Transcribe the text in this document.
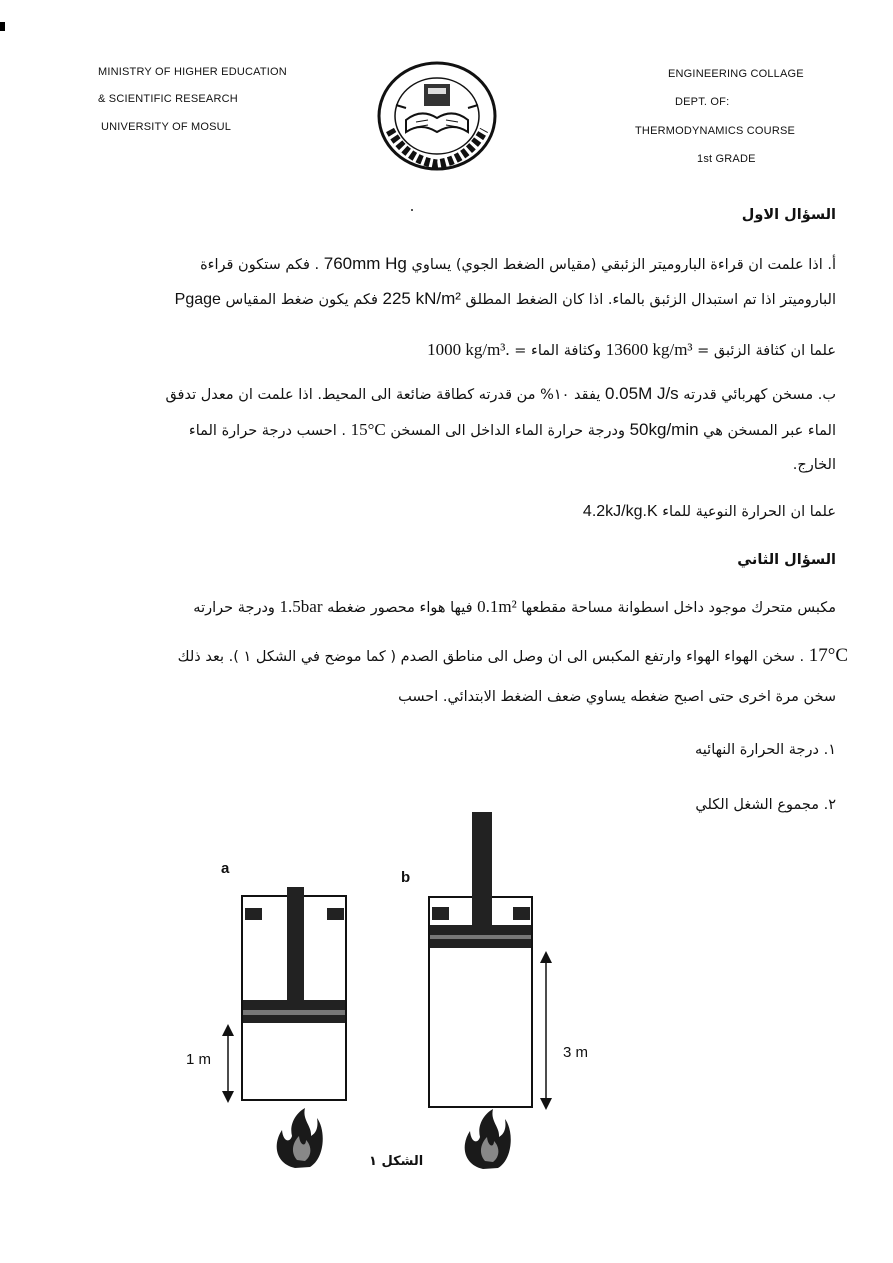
MINISTRY OF HIGHER EDUCATION
& SCIENTIFIC RESEARCH
UNIVERSITY OF MOSUL
ENGINEERING COLLAGE
DEPT. OF:
THERMODYNAMICS COURSE
1st GRADE
السؤال الاول
أ. اذا علمت ان قراءة الباروميتر الزئبقي (مقياس الضغط الجوي) يساوي 760mm Hg . فكم ستكون قراءة
الباروميتر اذا تم استبدال الزئبق بالماء. اذا كان الضغط المطلق 225 kN/m² فكم يكون ضغط المقياس Pgage
علما ان كثافة الزئبق = 13600 kg/m³ وكثافة الماء = 1000 kg/m³.
ب. مسخن كهربائي قدرته 0.05M J/s يفقد ١٠% من قدرته كطاقة ضائعة الى المحيط. اذا علمت ان معدل تدفق
الماء عبر المسخن هي 50kg/min ودرجة حرارة الماء الداخل الى المسخن 15°C . احسب درجة حرارة الماء
الخارج.
علما ان الحرارة النوعية للماء 4.2kJ/kg.K
السؤال الثاني
مكبس متحرك موجود داخل اسطوانة مساحة مقطعها 0.1m² فيها هواء محصور ضغطه 1.5bar ودرجة حرارته
17°C . سخن الهواء الهواء وارتفع المكبس الى ان وصل الى مناطق الصدم ( كما موضح في الشكل ١ ). بعد ذلك
سخن مرة اخرى حتى اصبح ضغطه يساوي ضعف الضغط الابتدائي. احسب
١. درجة الحرارة النهائيه
٢. مجموع الشغل الكلي
a
b
1 m	3 m
الشكل ١
